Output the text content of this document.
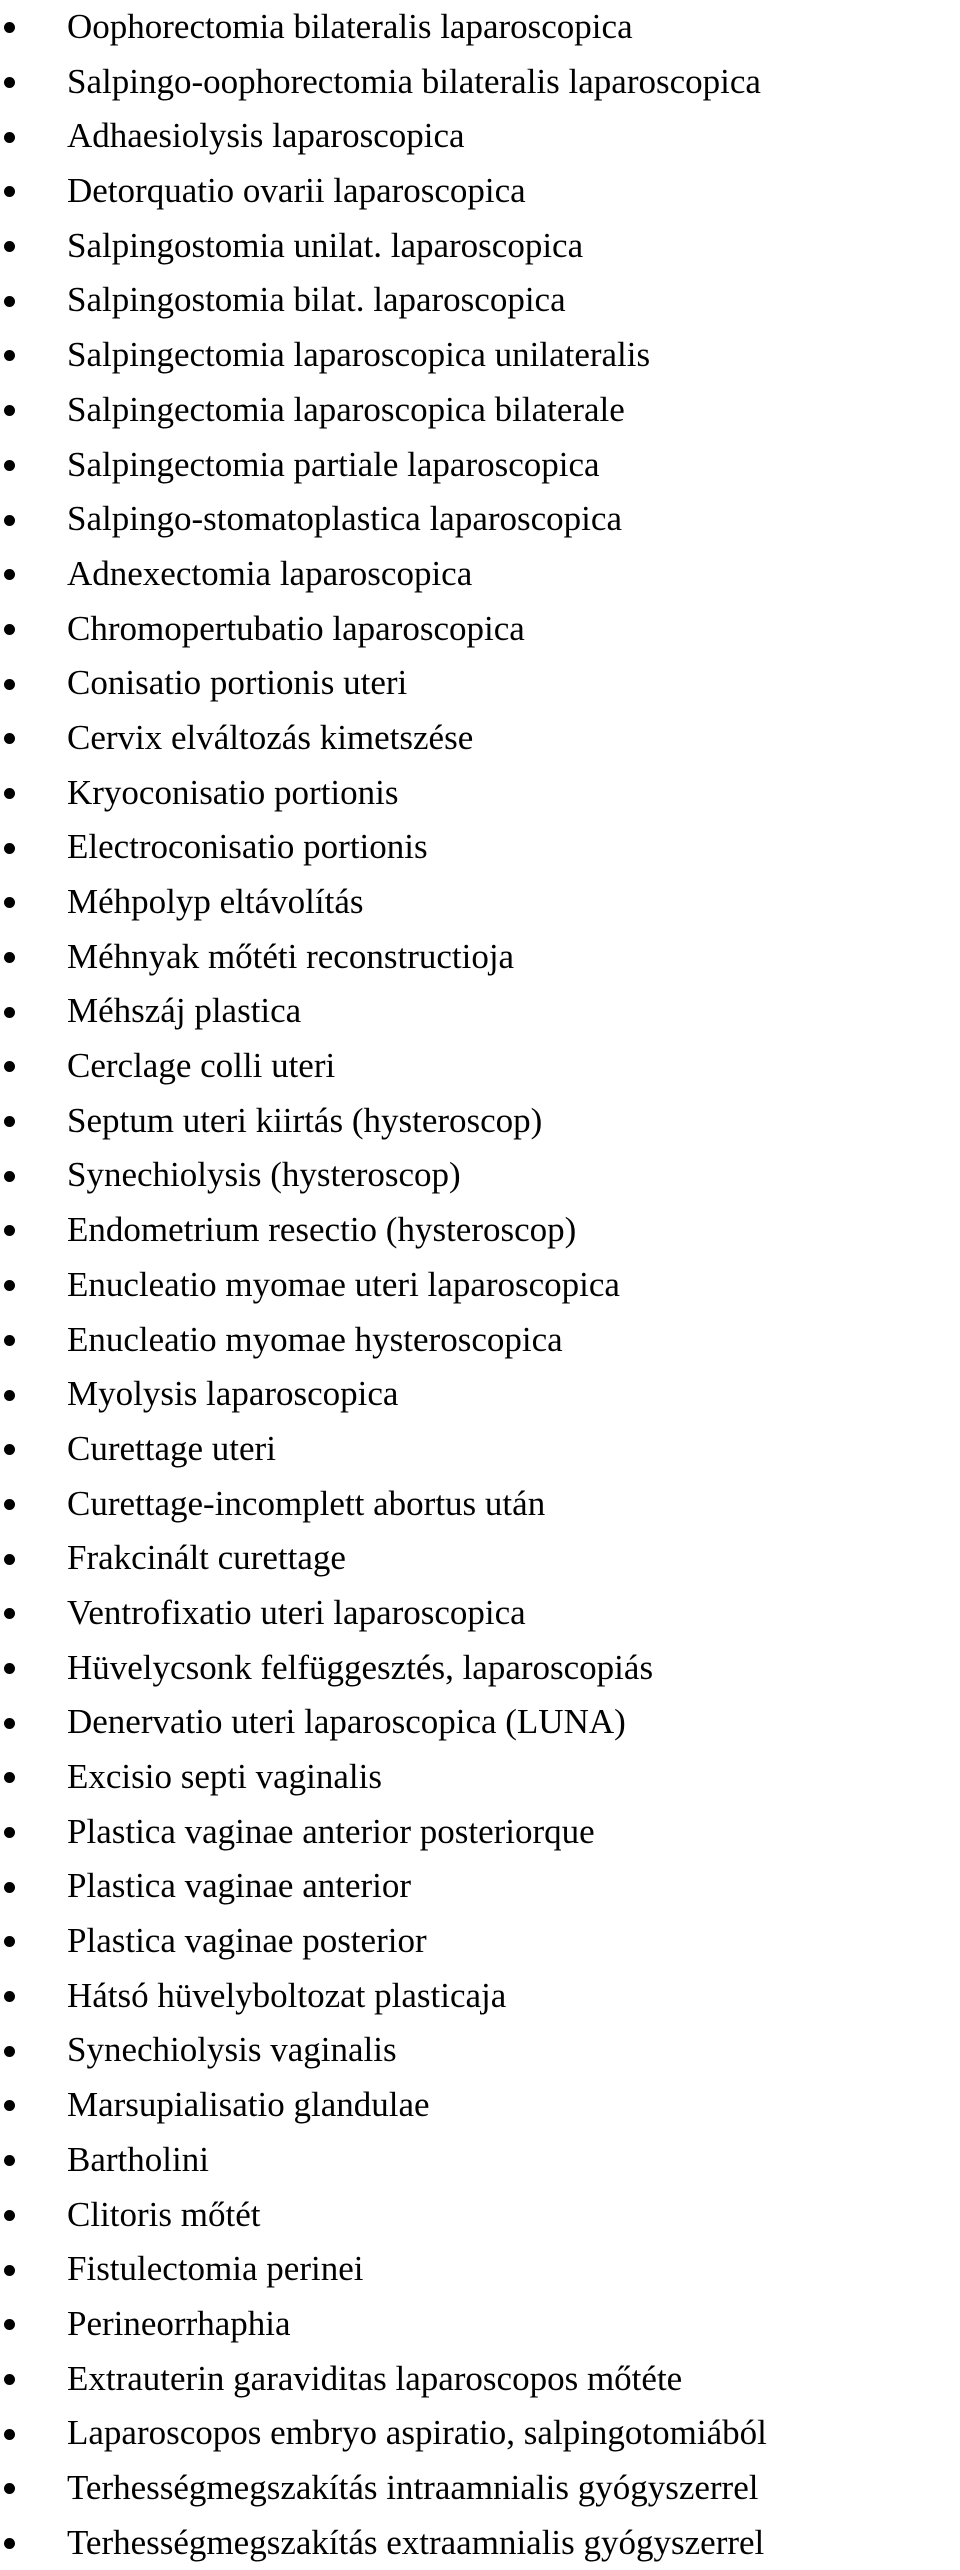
Oophorectomia bilateralis laparoscopica
Salpingo-oophorectomia bilateralis laparoscopica
Adhaesiolysis laparoscopica
Detorquatio ovarii laparoscopica
Salpingostomia unilat. laparoscopica
Salpingostomia bilat. laparoscopica
Salpingectomia laparoscopica unilateralis
Salpingectomia laparoscopica bilaterale
Salpingectomia partiale laparoscopica
Salpingo-stomatoplastica laparoscopica
Adnexectomia laparoscopica
Chromopertubatio laparoscopica
Conisatio portionis uteri
Cervix elváltozás kimetszése
Kryoconisatio portionis
Electroconisatio portionis
Méhpolyp eltávolítás
Méhnyak mőtéti reconstructioja
Méhszáj plastica
Cerclage colli uteri
Septum uteri kiirtás (hysteroscop)
Synechiolysis (hysteroscop)
Endometrium resectio (hysteroscop)
Enucleatio myomae uteri laparoscopica
Enucleatio myomae hysteroscopica
Myolysis laparoscopica
Curettage uteri
Curettage-incomplett abortus után
Frakcinált curettage
Ventrofixatio uteri laparoscopica
Hüvelycsonk felfüggesztés, laparoscopiás
Denervatio uteri laparoscopica (LUNA)
Excisio septi vaginalis
Plastica vaginae anterior posteriorque
Plastica vaginae anterior
Plastica vaginae posterior
Hátsó hüvelyboltozat plasticaja
Synechiolysis vaginalis
Marsupialisatio glandulae
Bartholini
Clitoris mőtét
Fistulectomia perinei
Perineorrhaphia
Extrauterin garaviditas laparoscopos mőtéte
Laparoscopos embryo aspiratio, salpingotomiából
Terhességmegszakítás intraamnialis gyógyszerrel
Terhességmegszakítás extraamnialis gyógyszerrel
